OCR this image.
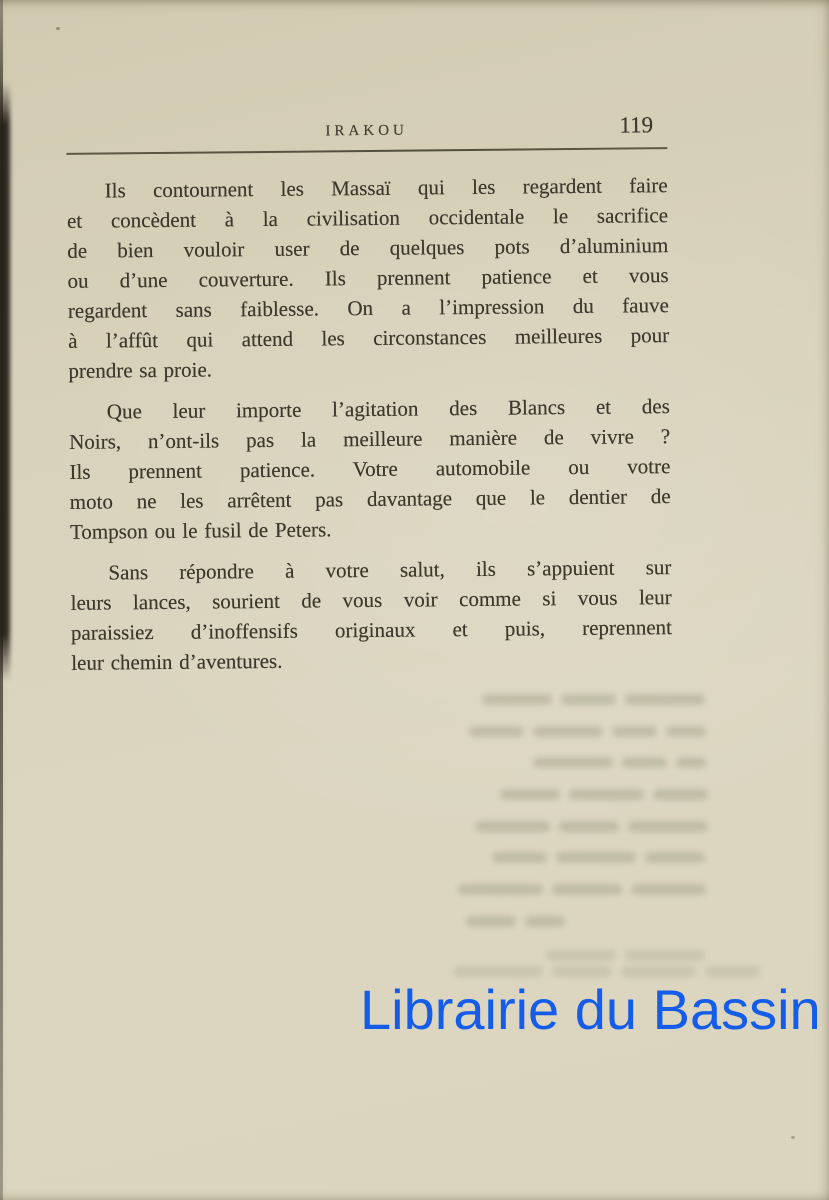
IRAKOU	119
Ils contournent les Massaï qui les regardent faire
et concèdent à la civilisation occidentale le sacrifice
de bien vouloir user de quelques pots d’aluminium
ou d’une couverture. Ils prennent patience et vous
regardent sans faiblesse. On a l’impression du fauve
à l’affût qui attend les circonstances meilleures pour
prendre sa proie.
Que leur importe l’agitation des Blancs et des
Noirs, n’ont-ils pas la meilleure manière de vivre ?
Ils prennent patience. Votre automobile ou votre
moto ne les arrêtent pas davantage que le dentier de
Tompson ou le fusil de Peters.
Sans répondre à votre salut, ils s’appuient sur
leurs lances, sourient de vous voir comme si vous leur
paraissiez d’inoffensifs originaux et puis, reprennent
leur chemin d’aventures.
Librairie du Bassin
